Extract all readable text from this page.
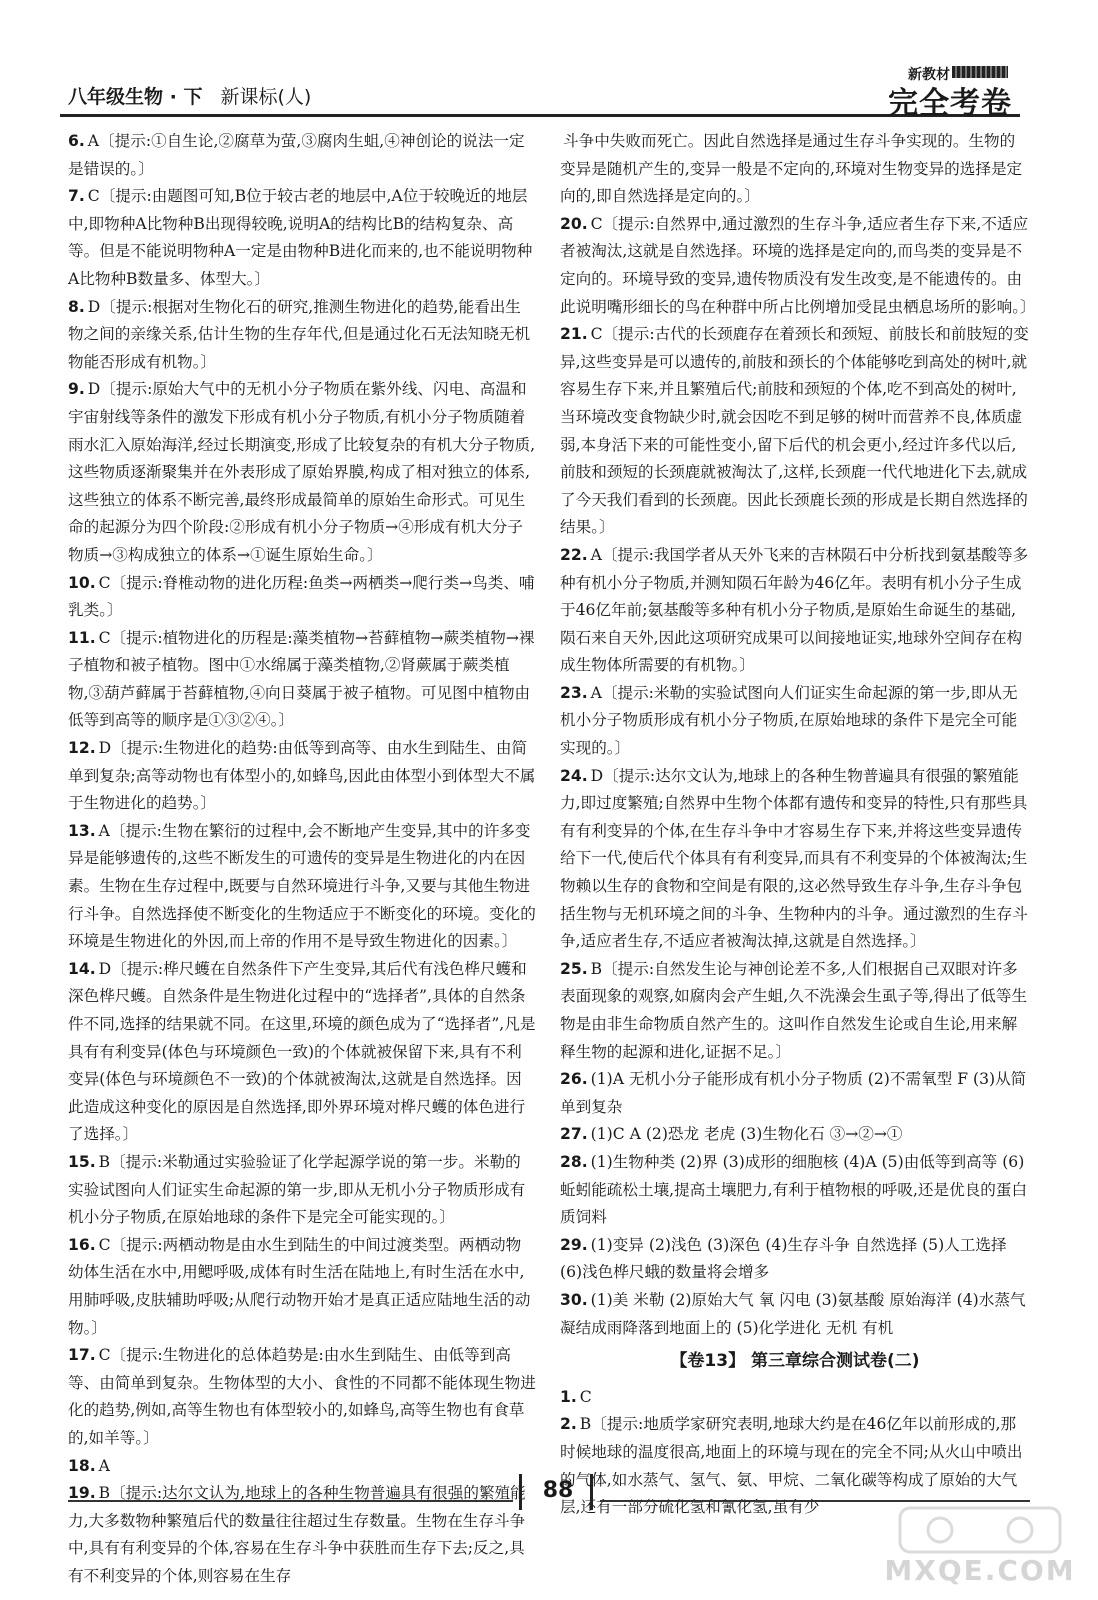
八年级生物 · 下 新课标(人)
新教材
完全考卷

6. A〔提示:①自生论,②腐草为萤,③腐肉生蛆,④神创论的说法一定是错误的。〕

7. C〔提示:由题图可知,B位于较古老的地层中,A位于较晚近的地层中,即物种A比物种B出现得较晚,说明A的结构比B的结构复杂、高等。但是不能说明物种A一定是由物种B进化而来的,也不能说明物种A比物种B数量多、体型大。〕

8. D〔提示:根据对生物化石的研究,推测生物进化的趋势,能看出生物之间的亲缘关系,估计生物的生存年代,但是通过化石无法知晓无机物能否形成有机物。〕

9. D〔提示:原始大气中的无机小分子物质在紫外线、闪电、高温和宇宙射线等条件的激发下形成有机小分子物质,有机小分子物质随着雨水汇入原始海洋,经过长期演变,形成了比较复杂的有机大分子物质,这些物质逐渐聚集并在外表形成了原始界膜,构成了相对独立的体系,这些独立的体系不断完善,最终形成最简单的原始生命形式。可见生命的起源分为四个阶段:②形成有机小分子物质→④形成有机大分子物质→③构成独立的体系→①诞生原始生命。〕

10. C〔提示:脊椎动物的进化历程:鱼类→两栖类→爬行类→鸟类、哺乳类。〕

11. C〔提示:植物进化的历程是:藻类植物→苔藓植物→蕨类植物→裸子植物和被子植物。图中①水绵属于藻类植物,②肾蕨属于蕨类植物,③葫芦藓属于苔藓植物,④向日葵属于被子植物。可见图中植物由低等到高等的顺序是①③②④。〕

12. D〔提示:生物进化的趋势:由低等到高等、由水生到陆生、由简单到复杂;高等动物也有体型小的,如蜂鸟,因此由体型小到体型大不属于生物进化的趋势。〕

13. A〔提示:生物在繁衍的过程中,会不断地产生变异,其中的许多变异是能够遗传的,这些不断发生的可遗传的变异是生物进化的内在因素。生物在生存过程中,既要与自然环境进行斗争,又要与其他生物进行斗争。自然选择使不断变化的生物适应于不断变化的环境。变化的环境是生物进化的外因,而上帝的作用不是导致生物进化的因素。〕

14. D〔提示:桦尺蠖在自然条件下产生变异,其后代有浅色桦尺蠖和深色桦尺蠖。自然条件是生物进化过程中的“选择者”,具体的自然条件不同,选择的结果就不同。在这里,环境的颜色成为了“选择者”,凡是具有有利变异(体色与环境颜色一致)的个体就被保留下来,具有不利变异(体色与环境颜色不一致)的个体就被淘汰,这就是自然选择。因此造成这种变化的原因是自然选择,即外界环境对桦尺蠖的体色进行了选择。〕

15. B〔提示:米勒通过实验验证了化学起源学说的第一步。米勒的实验试图向人们证实生命起源的第一步,即从无机小分子物质形成有机小分子物质,在原始地球的条件下是完全可能实现的。〕

16. C〔提示:两栖动物是由水生到陆生的中间过渡类型。两栖动物幼体生活在水中,用鳃呼吸,成体有时生活在陆地上,有时生活在水中,用肺呼吸,皮肤辅助呼吸;从爬行动物开始才是真正适应陆地生活的动物。〕

17. C〔提示:生物进化的总体趋势是:由水生到陆生、由低等到高等、由简单到复杂。生物体型的大小、食性的不同都不能体现生物进化的趋势,例如,高等生物也有体型较小的,如蜂鸟,高等生物也有食草的,如羊等。〕

18. A

19. B〔提示:达尔文认为,地球上的各种生物普遍具有很强的繁殖能力,大多数物种繁殖后代的数量往往超过生存数量。生物在生存斗争中,具有有利变异的个体,容易在生存斗争中获胜而生存下去;反之,具有不利变异的个体,则容易在生存

斗争中失败而死亡。因此自然选择是通过生存斗争实现的。生物的变异是随机产生的,变异一般是不定向的,环境对生物变异的选择是定向的,即自然选择是定向的。〕

20. C〔提示:自然界中,通过激烈的生存斗争,适应者生存下来,不适应者被淘汰,这就是自然选择。环境的选择是定向的,而鸟类的变异是不定向的。环境导致的变异,遗传物质没有发生改变,是不能遗传的。由此说明嘴形细长的鸟在种群中所占比例增加受昆虫栖息场所的影响。〕

21. C〔提示:古代的长颈鹿存在着颈长和颈短、前肢长和前肢短的变异,这些变异是可以遗传的,前肢和颈长的个体能够吃到高处的树叶,就容易生存下来,并且繁殖后代;前肢和颈短的个体,吃不到高处的树叶,当环境改变食物缺少时,就会因吃不到足够的树叶而营养不良,体质虚弱,本身活下来的可能性变小,留下后代的机会更小,经过许多代以后,前肢和颈短的长颈鹿就被淘汰了,这样,长颈鹿一代代地进化下去,就成了今天我们看到的长颈鹿。因此长颈鹿长颈的形成是长期自然选择的结果。〕

22. A〔提示:我国学者从天外飞来的吉林陨石中分析找到氨基酸等多种有机小分子物质,并测知陨石年龄为46亿年。表明有机小分子生成于46亿年前;氨基酸等多种有机小分子物质,是原始生命诞生的基础,陨石来自天外,因此这项研究成果可以间接地证实,地球外空间存在构成生物体所需要的有机物。〕

23. A〔提示:米勒的实验试图向人们证实生命起源的第一步,即从无机小分子物质形成有机小分子物质,在原始地球的条件下是完全可能实现的。〕

24. D〔提示:达尔文认为,地球上的各种生物普遍具有很强的繁殖能力,即过度繁殖;自然界中生物个体都有遗传和变异的特性,只有那些具有有利变异的个体,在生存斗争中才容易生存下来,并将这些变异遗传给下一代,使后代个体具有有利变异,而具有不利变异的个体被淘汰;生物赖以生存的食物和空间是有限的,这必然导致生存斗争,生存斗争包括生物与无机环境之间的斗争、生物种内的斗争。通过激烈的生存斗争,适应者生存,不适应者被淘汰掉,这就是自然选择。〕

25. B〔提示:自然发生论与神创论差不多,人们根据自己双眼对许多表面现象的观察,如腐肉会产生蛆,久不洗澡会生虱子等,得出了低等生物是由非生命物质自然产生的。这叫作自然发生论或自生论,用来解释生物的起源和进化,证据不足。〕

26. (1)A 无机小分子能形成有机小分子物质 (2)不需氧型 F (3)从简单到复杂

27. (1)C A (2)恐龙 老虎 (3)生物化石 ③→②→①

28. (1)生物种类 (2)界 (3)成形的细胞核 (4)A (5)由低等到高等 (6)蚯蚓能疏松土壤,提高土壤肥力,有利于植物根的呼吸,还是优良的蛋白质饲料

29. (1)变异 (2)浅色 (3)深色 (4)生存斗争 自然选择 (5)人工选择 (6)浅色桦尺蛾的数量将会增多

30. (1)美 米勒 (2)原始大气 氧 闪电 (3)氨基酸 原始海洋 (4)水蒸气凝结成雨降落到地面上的 (5)化学进化 无机 有机

【卷13】 第三章综合测试卷(二)

1. C

2. B〔提示:地质学家研究表明,地球大约是在46亿年以前形成的,那时候地球的温度很高,地面上的环境与现在的完全不同;从火山中喷出的气体,如水蒸气、氢气、氨、甲烷、二氧化碳等构成了原始的大气层,还有一部分硫化氢和氰化氢,虽有少

88
MXQE.COM
